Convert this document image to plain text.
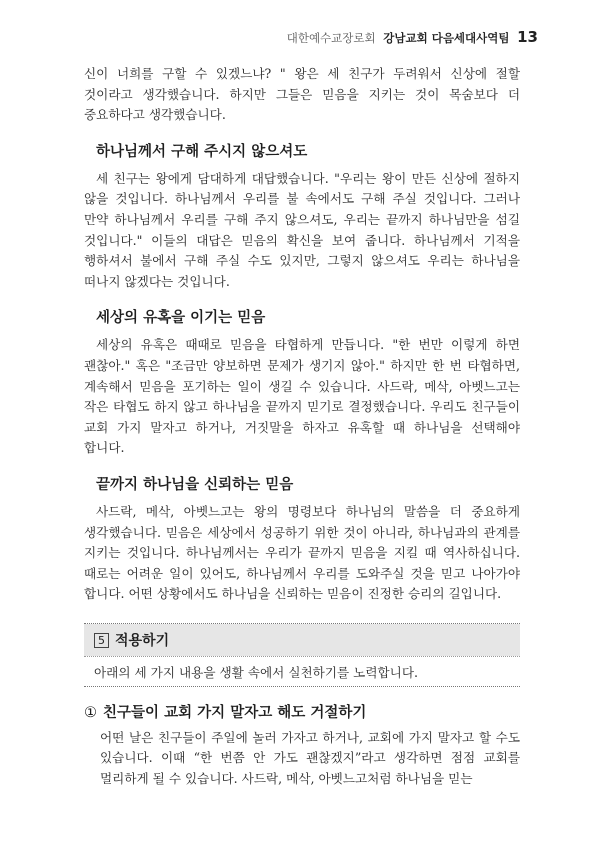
대한예수교장로회 강남교회 다음세대사역팀 13

신이 너희를 구할 수 있겠느냐? " 왕은 세 친구가 두려워서 신상에 절할 것이라고 생각했습니다. 하지만 그들은 믿음을 지키는 것이 목숨보다 더 중요하다고 생각했습니다.

하나님께서 구해 주시지 않으셔도

세 친구는 왕에게 담대하게 대답했습니다. "우리는 왕이 만든 신상에 절하지 않을 것입니다. 하나님께서 우리를 불 속에서도 구해 주실 것입니다. 그러나 만약 하나님께서 우리를 구해 주지 않으셔도, 우리는 끝까지 하나님만을 섬길 것입니다." 이들의 대답은 믿음의 확신을 보여 줍니다. 하나님께서 기적을 행하셔서 불에서 구해 주실 수도 있지만, 그렇지 않으셔도 우리는 하나님을 떠나지 않겠다는 것입니다.

세상의 유혹을 이기는 믿음

세상의 유혹은 때때로 믿음을 타협하게 만듭니다. "한 번만 이렇게 하면 괜찮아." 혹은 "조금만 양보하면 문제가 생기지 않아." 하지만 한 번 타협하면, 계속해서 믿음을 포기하는 일이 생길 수 있습니다. 사드락, 메삭, 아벳느고는 작은 타협도 하지 않고 하나님을 끝까지 믿기로 결정했습니다. 우리도 친구들이 교회 가지 말자고 하거나, 거짓말을 하자고 유혹할 때 하나님을 선택해야 합니다.

끝까지 하나님을 신뢰하는 믿음

사드락, 메삭, 아벳느고는 왕의 명령보다 하나님의 말씀을 더 중요하게 생각했습니다. 믿음은 세상에서 성공하기 위한 것이 아니라, 하나님과의 관계를 지키는 것입니다. 하나님께서는 우리가 끝까지 믿음을 지킬 때 역사하십니다. 때로는 어려운 일이 있어도, 하나님께서 우리를 도와주실 것을 믿고 나아가야 합니다. 어떤 상황에서도 하나님을 신뢰하는 믿음이 진정한 승리의 길입니다.

5 적용하기
아래의 세 가지 내용을 생활 속에서 실천하기를 노력합니다.
① 친구들이 교회 가지 말자고 해도 거절하기

어떤 날은 친구들이 주일에 놀러 가자고 하거나, 교회에 가지 말자고 할 수도 있습니다. 이때 “한 번쯤 안 가도 괜찮겠지”라고 생각하면 점점 교회를 멀리하게 될 수 있습니다. 사드락, 메삭, 아벳느고처럼 하나님을 믿는
